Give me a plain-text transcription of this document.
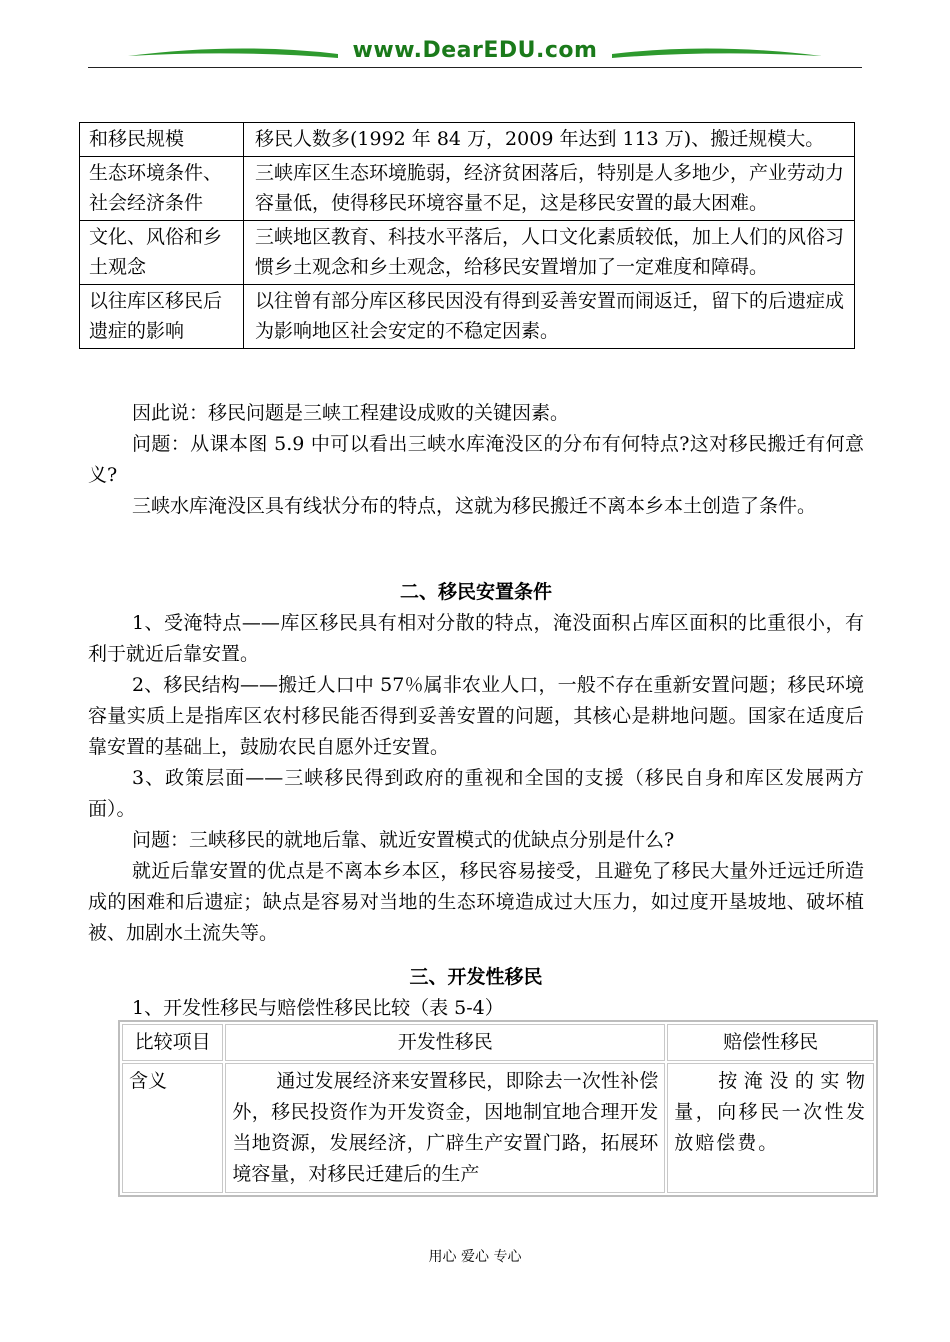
www.DearEDU.com
和移民规模	移民人数多(1992 年 84 万，2009 年达到 113 万)、搬迁规模大。
生态环境条件、社会经济条件	三峡库区生态环境脆弱，经济贫困落后，特别是人多地少，产业劳动力容量低，使得移民环境容量不足，这是移民安置的最大困难。
文化、风俗和乡土观念	三峡地区教育、科技水平落后，人口文化素质较低，加上人们的风俗习惯乡土观念和乡土观念，给移民安置增加了一定难度和障碍。
以往库区移民后遗症的影响	以往曾有部分库区移民因没有得到妥善安置而闹返迁，留下的后遗症成为影响地区社会安定的不稳定因素。
因此说：移民问题是三峡工程建设成败的关键因素。
问题：从课本图 5.9 中可以看出三峡水库淹没区的分布有何特点?这对移民搬迁有何意义?
三峡水库淹没区具有线状分布的特点，这就为移民搬迁不离本乡本土创造了条件。
二、移民安置条件
1、受淹特点——库区移民具有相对分散的特点，淹没面积占库区面积的比重很小，有利于就近后靠安置。
2、移民结构——搬迁人口中 57％属非农业人口，一般不存在重新安置问题；移民环境容量实质上是指库区农村移民能否得到妥善安置的问题，其核心是耕地问题。国家在适度后靠安置的基础上，鼓励农民自愿外迁安置。
3、政策层面——三峡移民得到政府的重视和全国的支援（移民自身和库区发展两方面）。
问题：三峡移民的就地后靠、就近安置模式的优缺点分别是什么?
就近后靠安置的优点是不离本乡本区，移民容易接受，且避免了移民大量外迁远迁所造成的困难和后遗症；缺点是容易对当地的生态环境造成过大压力，如过度开垦坡地、破坏植被、加剧水土流失等。
三、开发性移民
1、开发性移民与赔偿性移民比较（表 5-4）
比较项目	开发性移民	赔偿性移民
含义	通过发展经济来安置移民，即除去一次性补偿外，移民投资作为开发资金，因地制宜地合理开发当地资源，发展经济，广辟生产安置门路，拓展环境容量，对移民迁建后的生产	按淹没的实物量，向移民一次性发放赔偿费。
用心 爱心 专心
